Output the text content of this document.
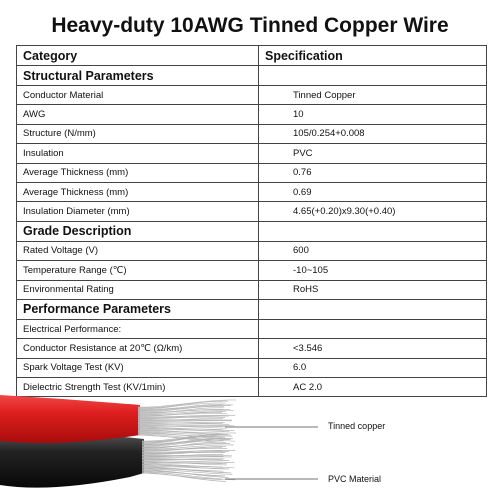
Heavy-duty 10AWG Tinned Copper Wire
Category	Specification
Structural Parameters	
Conductor Material	Tinned Copper
AWG	10
Structure (N/mm)	105/0.254+0.008
Insulation	PVC
Average Thickness (mm)	0.76
Average Thickness (mm)	0.69
Insulation Diameter (mm)	4.65(+0.20)x9.30(+0.40)
Grade Description	
Rated Voltage (V)	600
Temperature Range (℃)	-10~105
Environmental Rating	RoHS
Performance Parameters	
Electrical Performance:	
Conductor Resistance at 20℃ (Ω/km)	<3.546
Spark Voltage Test (KV)	6.0
Dielectric Strength Test (KV/1min)	AC 2.0
Tinned copper
PVC Material
